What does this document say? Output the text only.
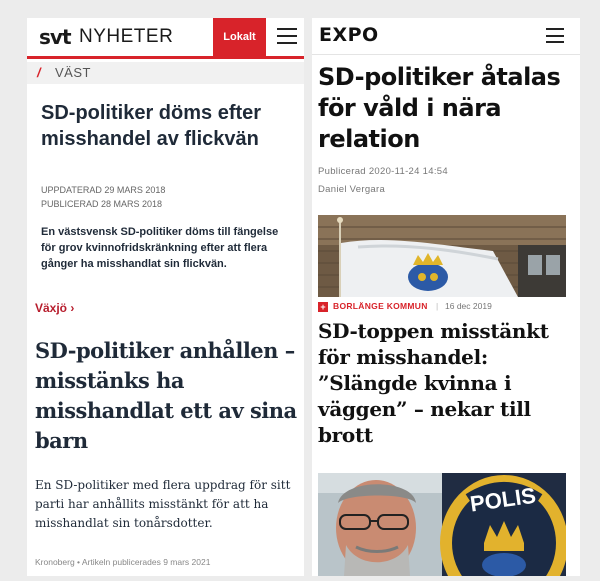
svt NYHETER	Lokalt
/ VÄST
SD-politiker döms efter misshandel av flickvän
UPPDATERAD 29 MARS 2018
PUBLICERAD 28 MARS 2018

En västsvensk SD-politiker döms till fängelse för grov kvinnofridskränkning efter att flera gånger ha misshandlat sin flickvän.

Växjö ›
SD-politiker anhållen – misstänks ha misshandlat ett av sina barn

En SD-politiker med flera uppdrag för sitt parti har anhållits misstänkt för att ha misshandlat sin tonårsdotter.

Kronoberg • Artikeln publicerades 9 mars 2021
EXPO
SD-politiker åtalas för våld i nära relation
Publicerad 2020-11-24 14:54
Daniel Vergara
+ BORLÄNGE KOMMUN | 16 dec 2019
SD-toppen misstänkt för misshandel: ”Slängde kvinna i väggen” – nekar till brott
POLIS
